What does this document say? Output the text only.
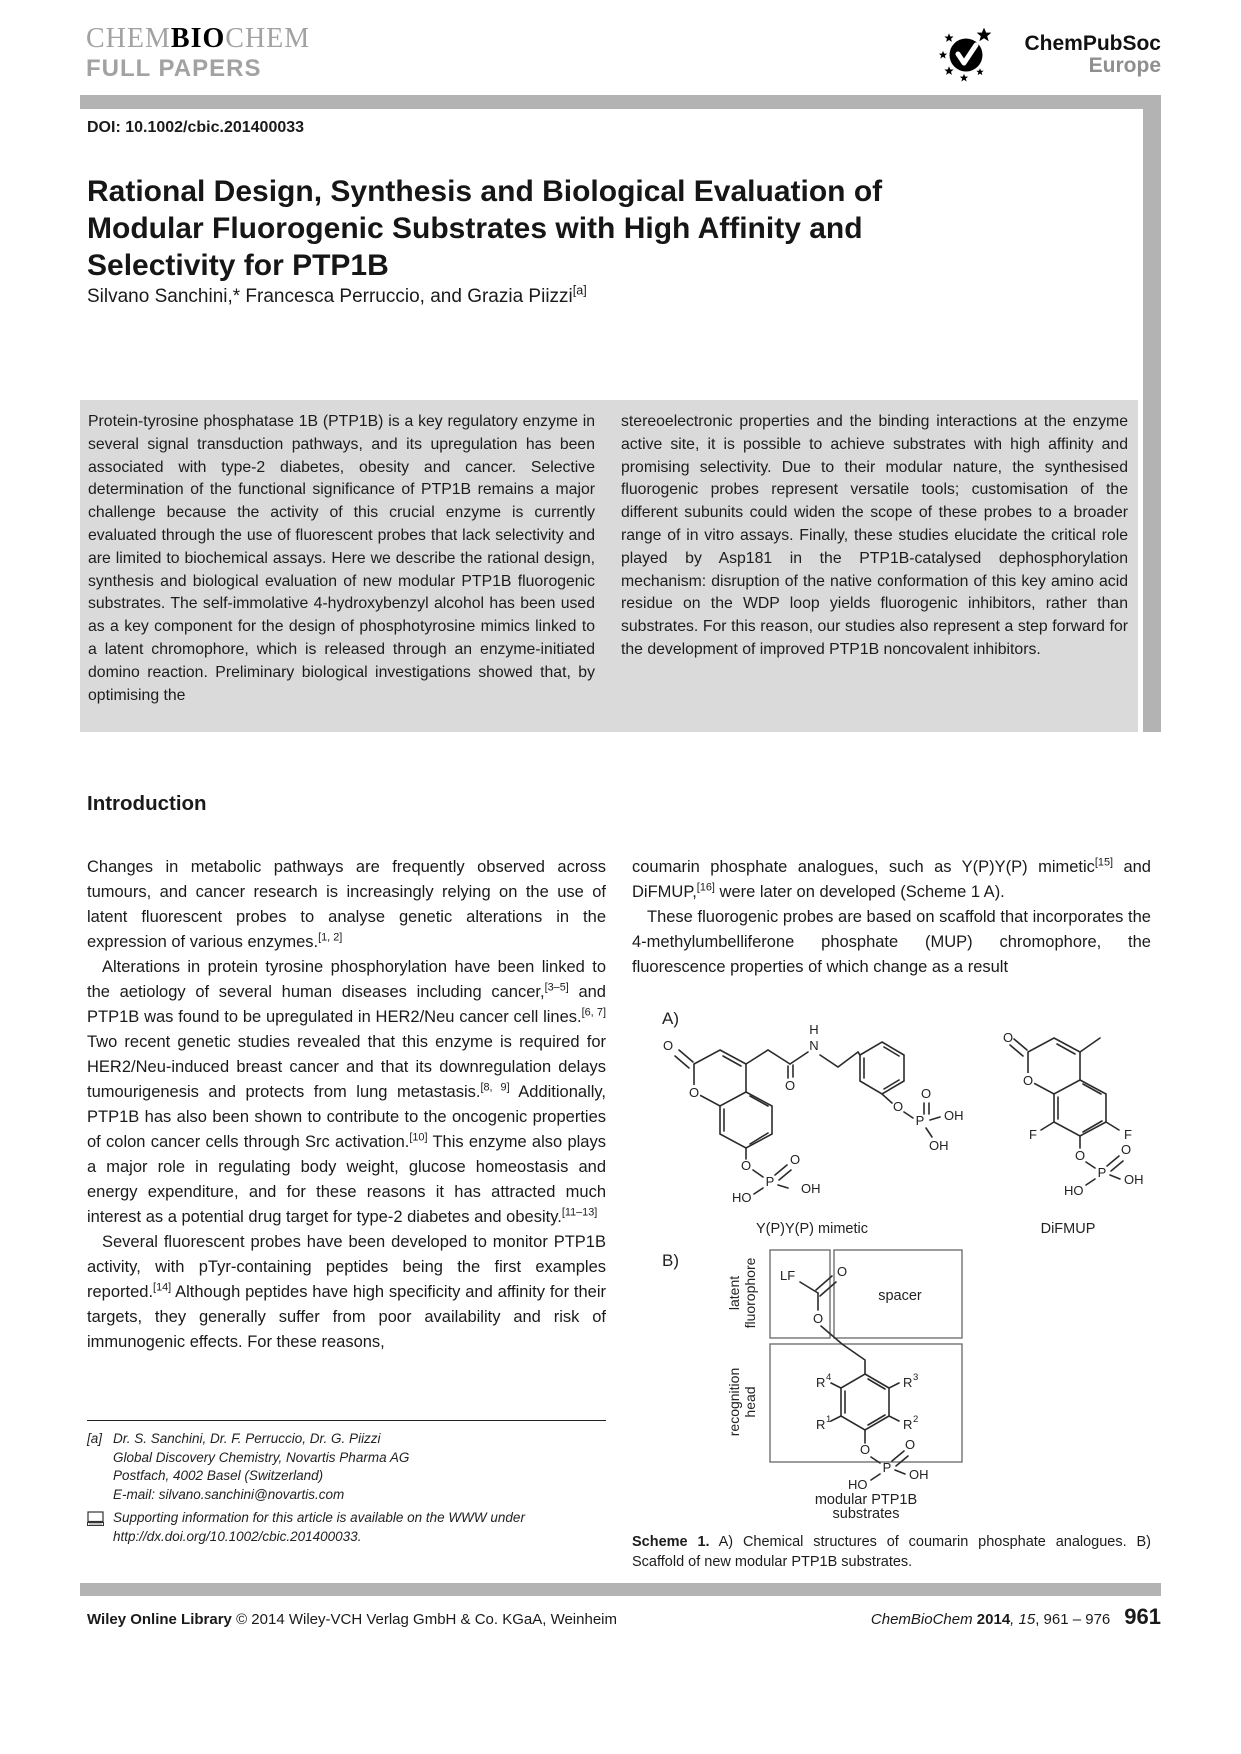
CHEMBIOCHEM
FULL PAPERS
ChemPubSoc
Europe
DOI: 10.1002/cbic.201400033
Rational Design, Synthesis and Biological Evaluation of Modular Fluorogenic Substrates with High Affinity and Selectivity for PTP1B
Silvano Sanchini,* Francesca Perruccio, and Grazia Piizzi[a]

Protein-tyrosine phosphatase 1B (PTP1B) is a key regulatory enzyme in several signal transduction pathways, and its upregulation has been associated with type-2 diabetes, obesity and cancer. Selective determination of the functional significance of PTP1B remains a major challenge because the activity of this crucial enzyme is currently evaluated through the use of fluorescent probes that lack selectivity and are limited to biochemical assays. Here we describe the rational design, synthesis and biological evaluation of new modular PTP1B fluorogenic substrates. The self-immolative 4-hydroxybenzyl alcohol has been used as a key component for the design of phosphotyrosine mimics linked to a latent chromophore, which is released through an enzyme-initiated domino reaction. Preliminary biological investigations showed that, by optimising the

stereoelectronic properties and the binding interactions at the enzyme active site, it is possible to achieve substrates with high affinity and promising selectivity. Due to their modular nature, the synthesised fluorogenic probes represent versatile tools; customisation of the different subunits could widen the scope of these probes to a broader range of in vitro assays. Finally, these studies elucidate the critical role played by Asp181 in the PTP1B-catalysed dephosphorylation mechanism: disruption of the native conformation of this key amino acid residue on the WDP loop yields fluorogenic inhibitors, rather than substrates. For this reason, our studies also represent a step forward for the development of improved PTP1B noncovalent inhibitors.

Introduction

Changes in metabolic pathways are frequently observed across tumours, and cancer research is increasingly relying on the use of latent fluorescent probes to analyse genetic alterations in the expression of various enzymes.[1, 2]

Alterations in protein tyrosine phosphorylation have been linked to the aetiology of several human diseases including cancer,[3–5] and PTP1B was found to be upregulated in HER2/Neu cancer cell lines.[6, 7] Two recent genetic studies revealed that this enzyme is required for HER2/Neu-induced breast cancer and that its downregulation delays tumourigenesis and protects from lung metastasis.[8, 9] Additionally, PTP1B has also been shown to contribute to the oncogenic properties of colon cancer cells through Src activation.[10] This enzyme also plays a major role in regulating body weight, glucose homeostasis and energy expenditure, and for these reasons it has attracted much interest as a potential drug target for type-2 diabetes and obesity.[11–13]

Several fluorescent probes have been developed to monitor PTP1B activity, with pTyr-containing peptides being the first examples reported.[14] Although peptides have high specificity and affinity for their targets, they generally suffer from poor availability and risk of immunogenic effects. For these reasons,

[a] Dr. S. Sanchini, Dr. F. Perruccio, Dr. G. Piizzi
Global Discovery Chemistry, Novartis Pharma AG
Postfach, 4002 Basel (Switzerland)
E-mail: silvano.sanchini@novartis.com
Supporting information for this article is available on the WWW under
http://dx.doi.org/10.1002/cbic.201400033.

coumarin phosphate analogues, such as Y(P)Y(P) mimetic[15] and DiFMUP,[16] were later on developed (Scheme 1 A).

These fluorogenic probes are based on scaffold that incorporates the 4-methylumbelliferone phosphate (MUP) chromophore, the fluorescence properties of which change as a result

A)
O
O
O
P
O
OH
HO
O
N
H
O
P
O
OH
OH
Y(P)Y(P) mimetic
O
O
F	F
O
P
O
OH
HO
DiFMUP
B)
latent fluorophore
recognition head
LF
spacer
O
O
R 4	R 3
R 1	R 2
O
P
O
OH
HO
modular PTP1B
substrates
Scheme 1. A) Chemical structures of coumarin phosphate analogues. B) Scaffold of new modular PTP1B substrates.
Wiley Online Library © 2014 Wiley-VCH Verlag GmbH & Co. KGaA, Weinheim	ChemBioChem 2014, 15, 961 – 976 961
